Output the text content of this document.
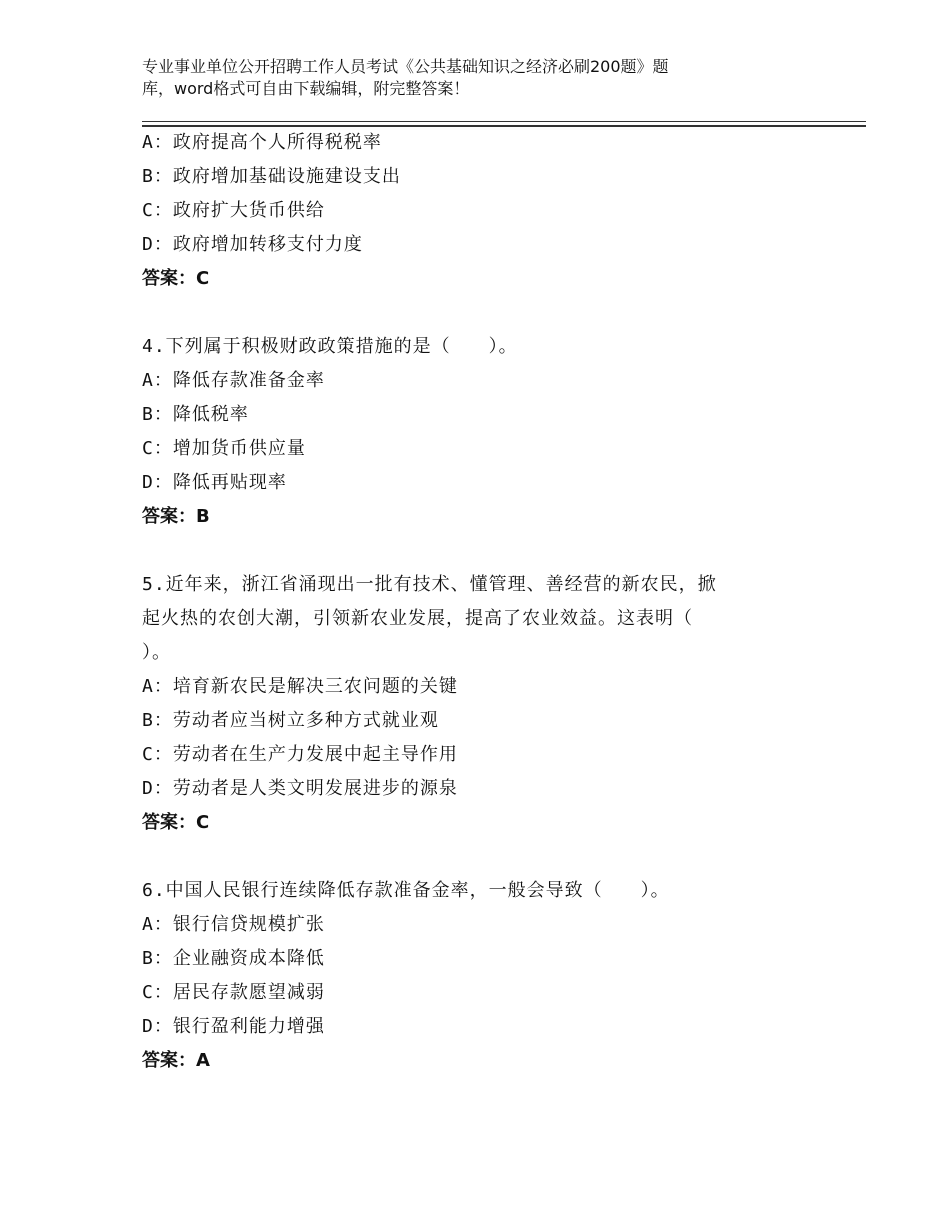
专业事业单位公开招聘工作人员考试《公共基础知识之经济必刷200题》题
库，word格式可自由下载编辑，附完整答案！
A：政府提高个人所得税税率
B：政府增加基础设施建设支出
C：政府扩大货币供给
D：政府增加转移支付力度
答案：C
4.下列属于积极财政政策措施的是（　　）。
A：降低存款准备金率
B：降低税率
C：增加货币供应量
D：降低再贴现率
答案：B
5.近年来，浙江省涌现出一批有技术、懂管理、善经营的新农民，掀
起火热的农创大潮，引领新农业发展，提高了农业效益。这表明（
）。
A：培育新农民是解决三农问题的关键
B：劳动者应当树立多种方式就业观
C：劳动者在生产力发展中起主导作用
D：劳动者是人类文明发展进步的源泉
答案：C
6.中国人民银行连续降低存款准备金率，一般会导致（　　）。
A：银行信贷规模扩张
B：企业融资成本降低
C：居民存款愿望减弱
D：银行盈利能力增强
答案：A
